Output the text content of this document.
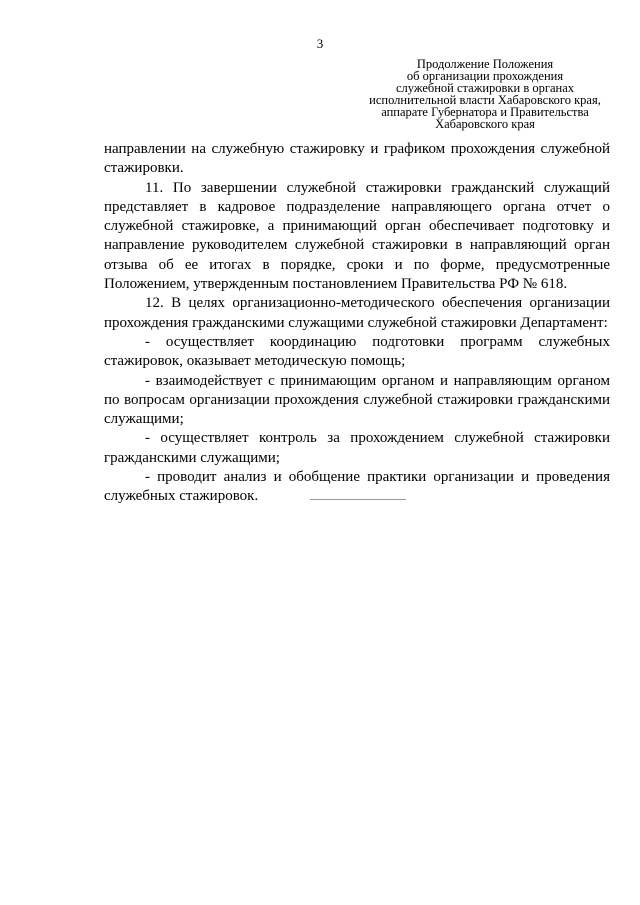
3
Продолжение Положения
об организации прохождения
служебной стажировки в органах
исполнительной власти Хабаровского края,
аппарате Губернатора и Правительства
Хабаровского края

направлении на служебную стажировку и графиком прохождения служебной стажировки.

11. По завершении служебной стажировки гражданский служащий представляет в кадровое подразделение направляющего органа отчет о служебной стажировке, а принимающий орган обеспечивает подготовку и направление руководителем служебной стажировки в направляющий орган отзыва об ее итогах в порядке, сроки и по форме, предусмотренные Положением, утвержденным постановлением Правительства РФ № 618.

12. В целях организационно-методического обеспечения организации прохождения гражданскими служащими служебной стажировки Департамент:

- осуществляет координацию подготовки программ служебных стажировок, оказывает методическую помощь;

- взаимодействует с принимающим органом и направляющим органом по вопросам организации прохождения служебной стажировки гражданскими служащими;

- осуществляет контроль за прохождением служебной стажировки гражданскими служащими;

- проводит анализ и обобщение практики организации и проведения служебных стажировок.
